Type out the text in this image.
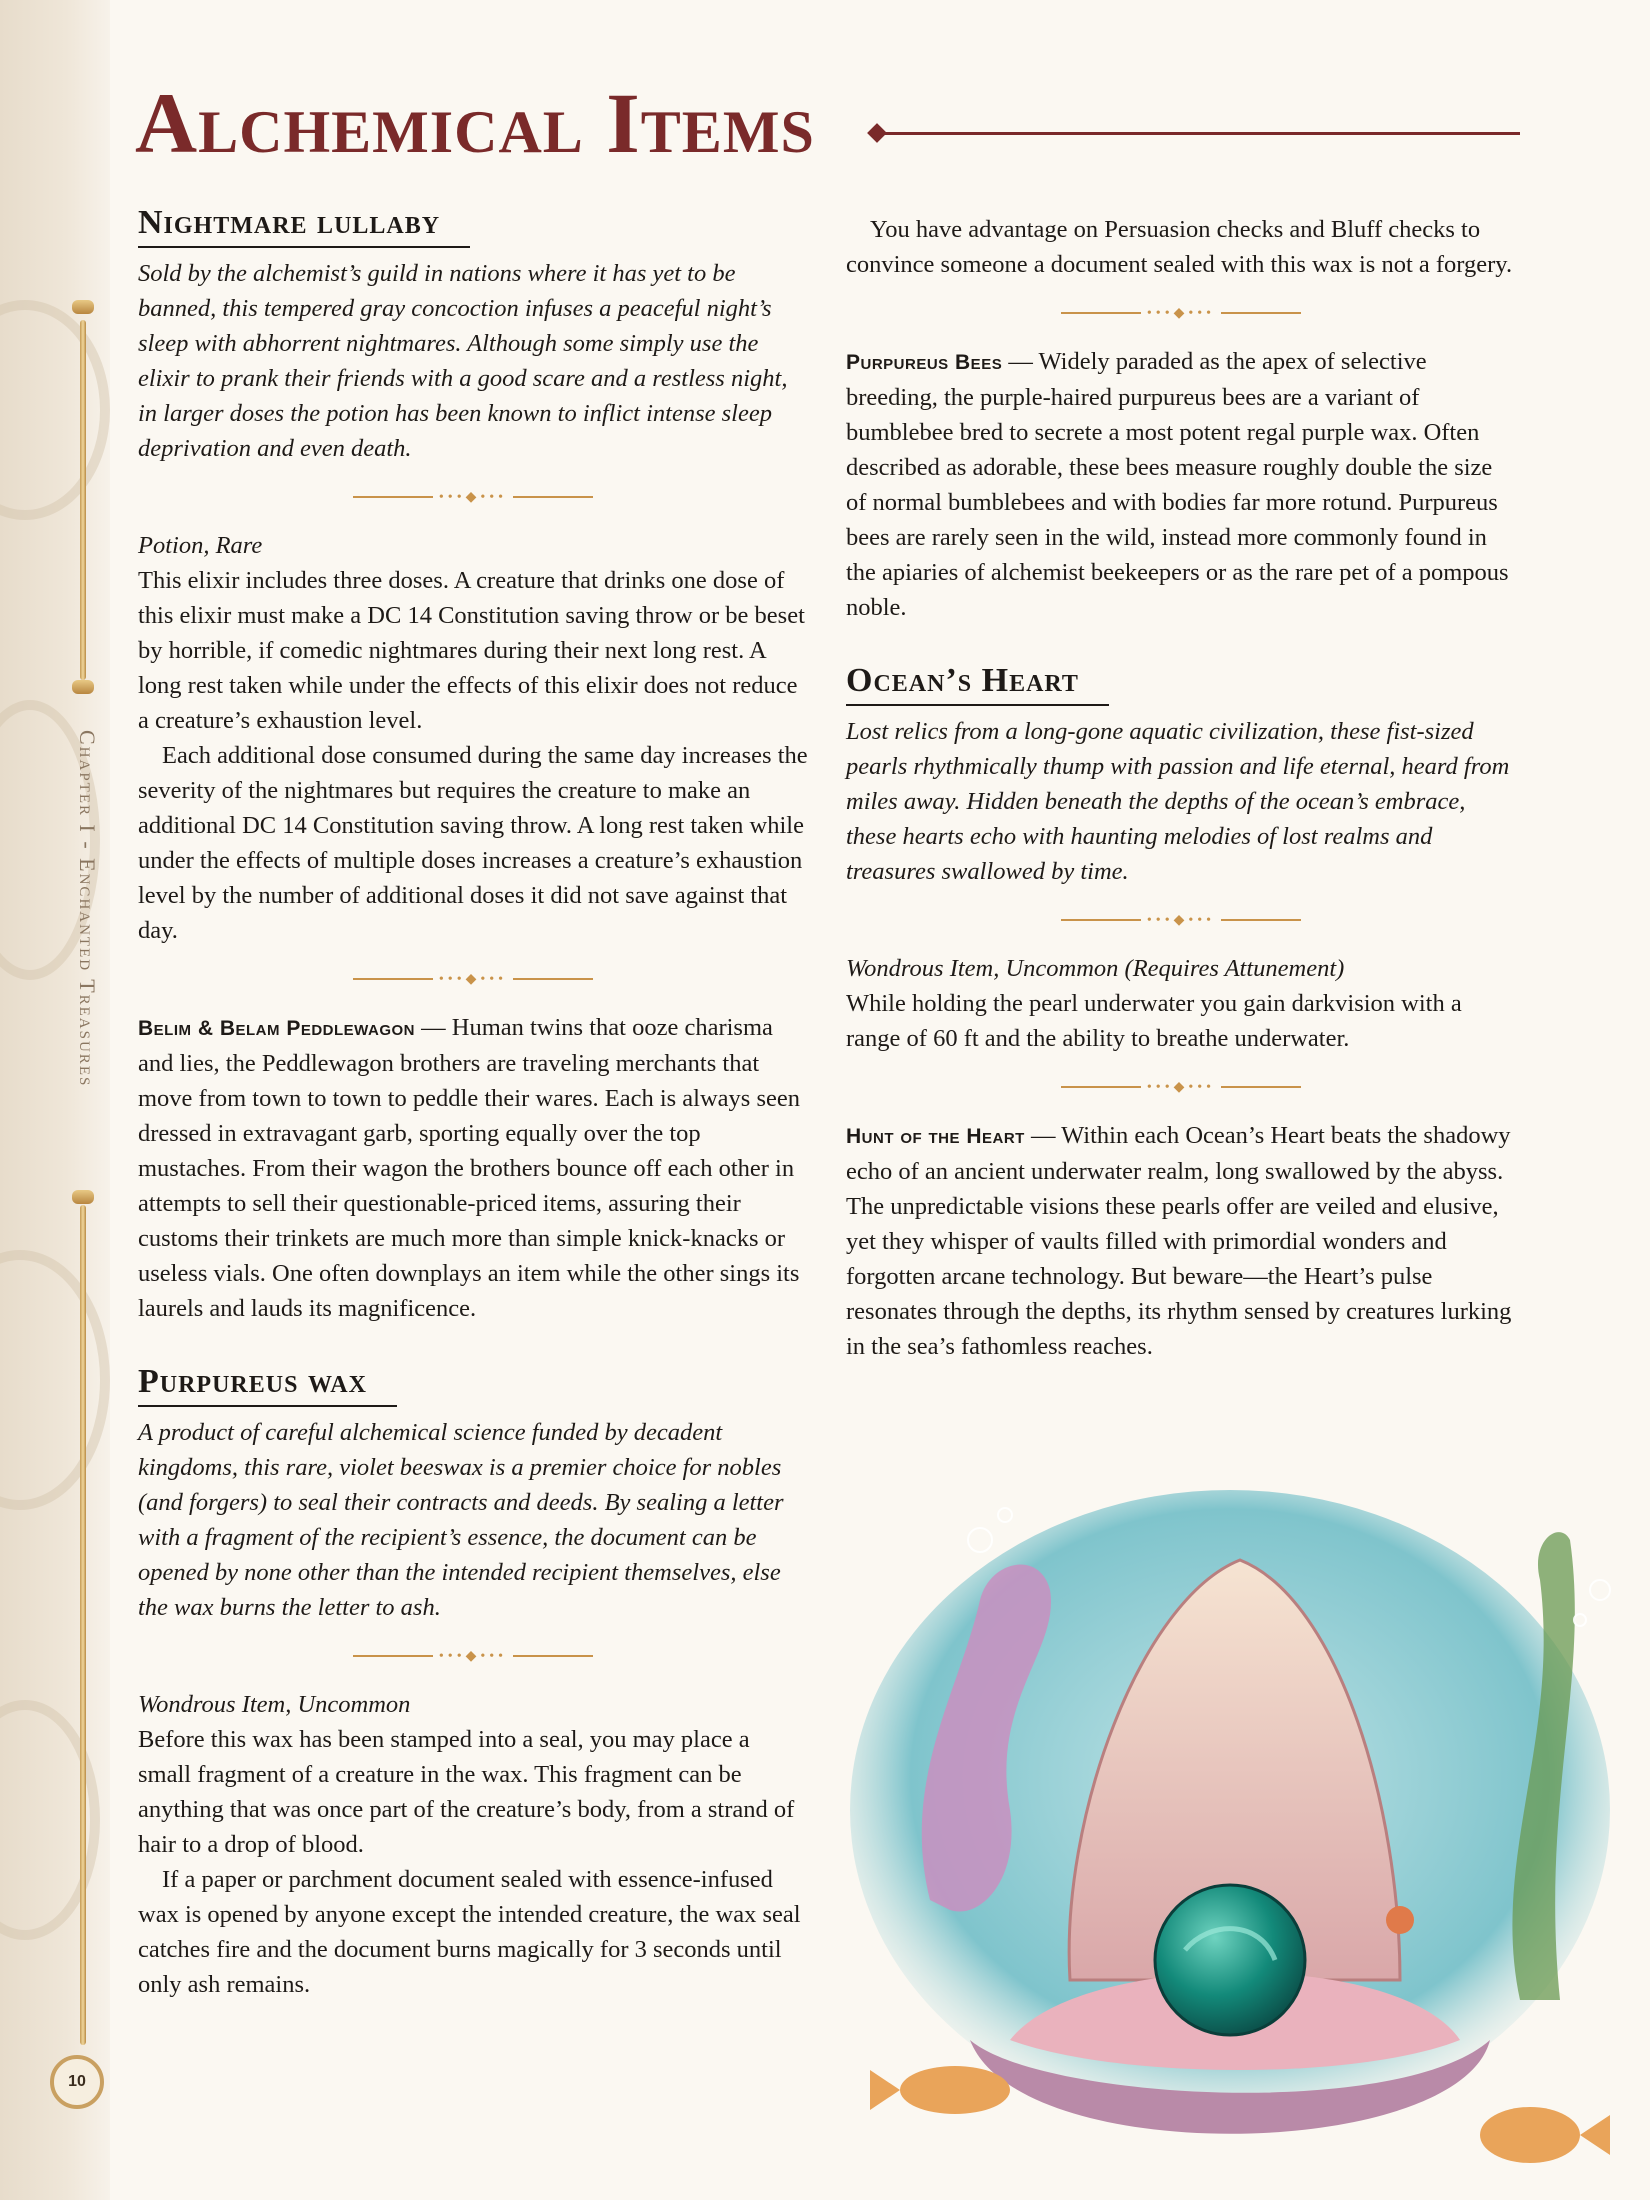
Chapter I - Enchanted Treasures
10
Alchemical Items
Nightmare lullaby

Sold by the alchemist’s guild in nations where it has yet to be banned, this tempered gray concoction infuses a peaceful night’s sleep with abhorrent nightmares. Although some simply use the elixir to prank their friends with a good scare and a restless night, in larger doses the potion has been known to inflict intense sleep deprivation and even death.

•••◆•••

Potion, Rare

This elixir includes three doses. A creature that drinks one dose of this elixir must make a DC 14 Constitution saving throw or be beset by horrible, if comedic nightmares during their next long rest. A long rest taken while under the effects of this elixir does not reduce a creature’s exhaustion level.

Each additional dose consumed during the same day increases the severity of the nightmares but requires the creature to make an additional DC 14 Constitution saving throw. A long rest taken while under the effects of multiple doses increases a creature’s exhaustion level by the number of additional doses it did not save against that day.

•••◆•••

Belim & Belam Peddlewagon — Human twins that ooze charisma and lies, the Peddlewagon brothers are traveling merchants that move from town to town to peddle their wares. Each is always seen dressed in extravagant garb, sporting equally over the top mustaches. From their wagon the brothers bounce off each other in attempts to sell their questionable-priced items, assuring their customs their trinkets are much more than simple knick-knacks or useless vials. One often downplays an item while the other sings its laurels and lauds its magnificence.

Purpureus wax

A product of careful alchemical science funded by decadent kingdoms, this rare, violet beeswax is a premier choice for nobles (and forgers) to seal their contracts and deeds. By sealing a letter with a fragment of the recipient’s essence, the document can be opened by none other than the intended recipient themselves, else the wax burns the letter to ash.

•••◆•••

Wondrous Item, Uncommon

Before this wax has been stamped into a seal, you may place a small fragment of a creature in the wax. This fragment can be anything that was once part of the creature’s body, from a strand of hair to a drop of blood.

If a paper or parchment document sealed with essence-infused wax is opened by anyone except the intended creature, the wax seal catches fire and the document burns magically for 3 seconds until only ash remains.

You have advantage on Persuasion checks and Bluff checks to convince someone a document sealed with this wax is not a forgery.

•••◆•••

Purpureus Bees — Widely paraded as the apex of selective breeding, the purple-haired purpureus bees are a variant of bumblebee bred to secrete a most potent regal purple wax. Often described as adorable, these bees measure roughly double the size of normal bumblebees and with bodies far more rotund. Purpureus bees are rarely seen in the wild, instead more commonly found in the apiaries of alchemist beekeepers or as the rare pet of a pompous noble.

Ocean’s Heart

Lost relics from a long-gone aquatic civilization, these fist-sized pearls rhythmically thump with passion and life eternal, heard from miles away. Hidden beneath the depths of the ocean’s embrace, these hearts echo with haunting melodies of lost realms and treasures swallowed by time.

•••◆•••

Wondrous Item, Uncommon (Requires Attunement)

While holding the pearl underwater you gain darkvision with a range of 60 ft and the ability to breathe underwater.

•••◆•••

Hunt of the Heart — Within each Ocean’s Heart beats the shadowy echo of an ancient underwater realm, long swallowed by the abyss. The unpredictable visions these pearls offer are veiled and elusive, yet they whisper of vaults filled with primordial wonders and forgotten arcane technology. But beware—the Heart’s pulse resonates through the depths, its rhythm sensed by creatures lurking in the sea’s fathomless reaches.
